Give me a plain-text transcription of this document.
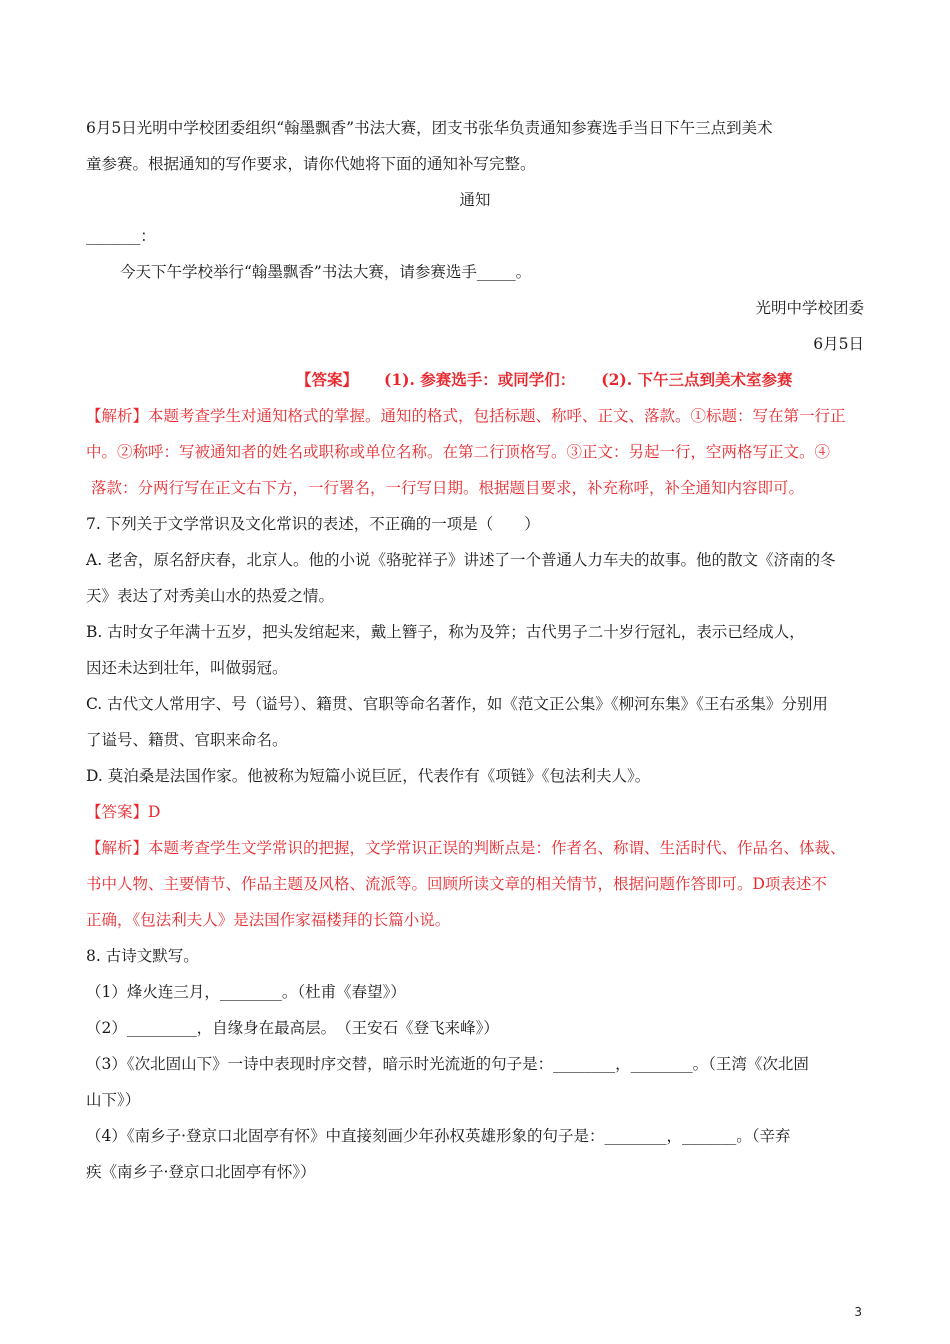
6月5日光明中学校团委组织“翰墨飘香”书法大赛，团支书张华负责通知参赛选手当日下午三点到美术

童参赛。根据通知的写作要求，请你代她将下面的通知补写完整。

通知

_______：

今天下午学校举行“翰墨飘香”书法大赛，请参赛选手_____。

光明中学校团委

6月5日

【答案】 (1). 参赛选手：或同学们： (2). 下午三点到美术室参赛

【解析】本题考查学生对通知格式的掌握。通知的格式，包括标题、称呼、正文、落款。①标题：写在第一行正

中。②称呼：写被通知者的姓名或职称或单位名称。在第二行顶格写。③正文：另起一行，空两格写正文。④

落款：分两行写在正文右下方，一行署名，一行写日期。根据题目要求，补充称呼，补全通知内容即可。

7. 下列关于文学常识及文化常识的表述，不正确的一项是（　　）

A. 老舍，原名舒庆春，北京人。他的小说《骆驼祥子》讲述了一个普通人力车夫的故事。他的散文《济南的冬

天》表达了对秀美山水的热爱之情。

B. 古时女子年满十五岁，把头发绾起来，戴上簪子，称为及笄；古代男子二十岁行冠礼，表示已经成人，

因还未达到壮年，叫做弱冠。

C. 古代文人常用字、号（谥号）、籍贯、官职等命名著作，如《范文正公集》《柳河东集》《王右丞集》分别用

了谥号、籍贯、官职来命名。

D. 莫泊桑是法国作家。他被称为短篇小说巨匠，代表作有《项链》《包法利夫人》。

【答案】D

【解析】本题考查学生文学常识的把握，文学常识正误的判断点是：作者名、称谓、生活时代、作品名、体裁、

书中人物、主要情节、作品主题及风格、流派等。回顾所读文章的相关情节，根据问题作答即可。D项表述不

正确，《包法利夫人》是法国作家福楼拜的长篇小说。

8. 古诗文默写。

（1）烽火连三月，________。（杜甫《春望》）

（2）_________，自缘身在最高层。　（王安石《登飞来峰》）

（3）《次北固山下》一诗中表现时序交替，暗示时光流逝的句子是：________，________。（王湾《次北固

山下》）

（4）《南乡子·登京口北固亭有怀》中直接刻画少年孙权英雄形象的句子是：________，_______。（辛弃

疾《南乡子·登京口北固亭有怀》）

3
